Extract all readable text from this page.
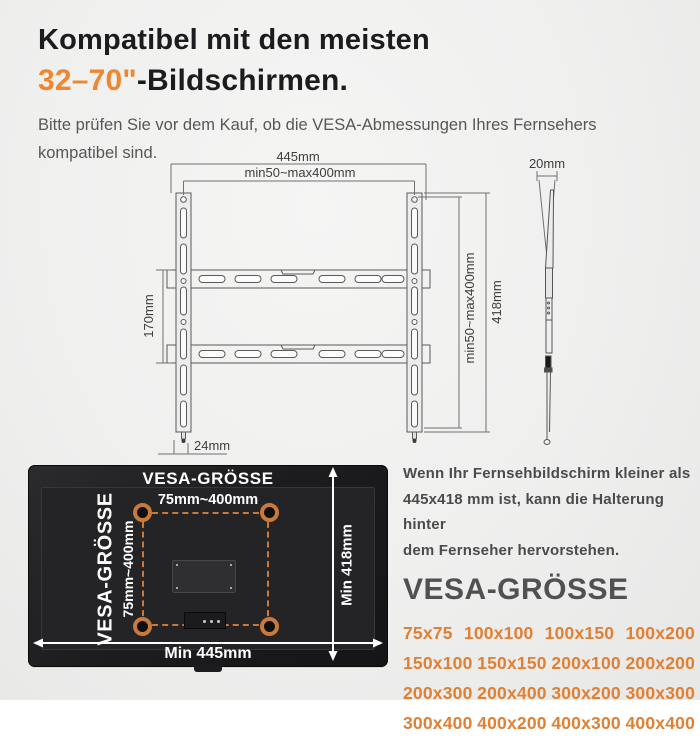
Kompatibel mit den meisten
32–70"-Bildschirmen.
Bitte prüfen Sie vor dem Kauf, ob die VESA-Abmessungen Ihres Fernsehers
kompatibel sind.	445mm
min50~max400mm
170mm
24mm
min50~max400mm 418mm
20mm
VESA-GRÖSSE
75mm~400mm
VESA-GRÖSSE 75mm~400mm
Min 445mm
Min 418mm
Wenn Ihr Fernsehbildschirm kleiner als
445x418 mm ist, kann die Halterung hinter
dem Fernseher hervorstehen.
VESA-GRÖSSE
75x75 100x100 100x150 100x200
150x100 150x150 200x100 200x200
200x300 200x400 300x200 300x300
300x400 400x200 400x300 400x400
